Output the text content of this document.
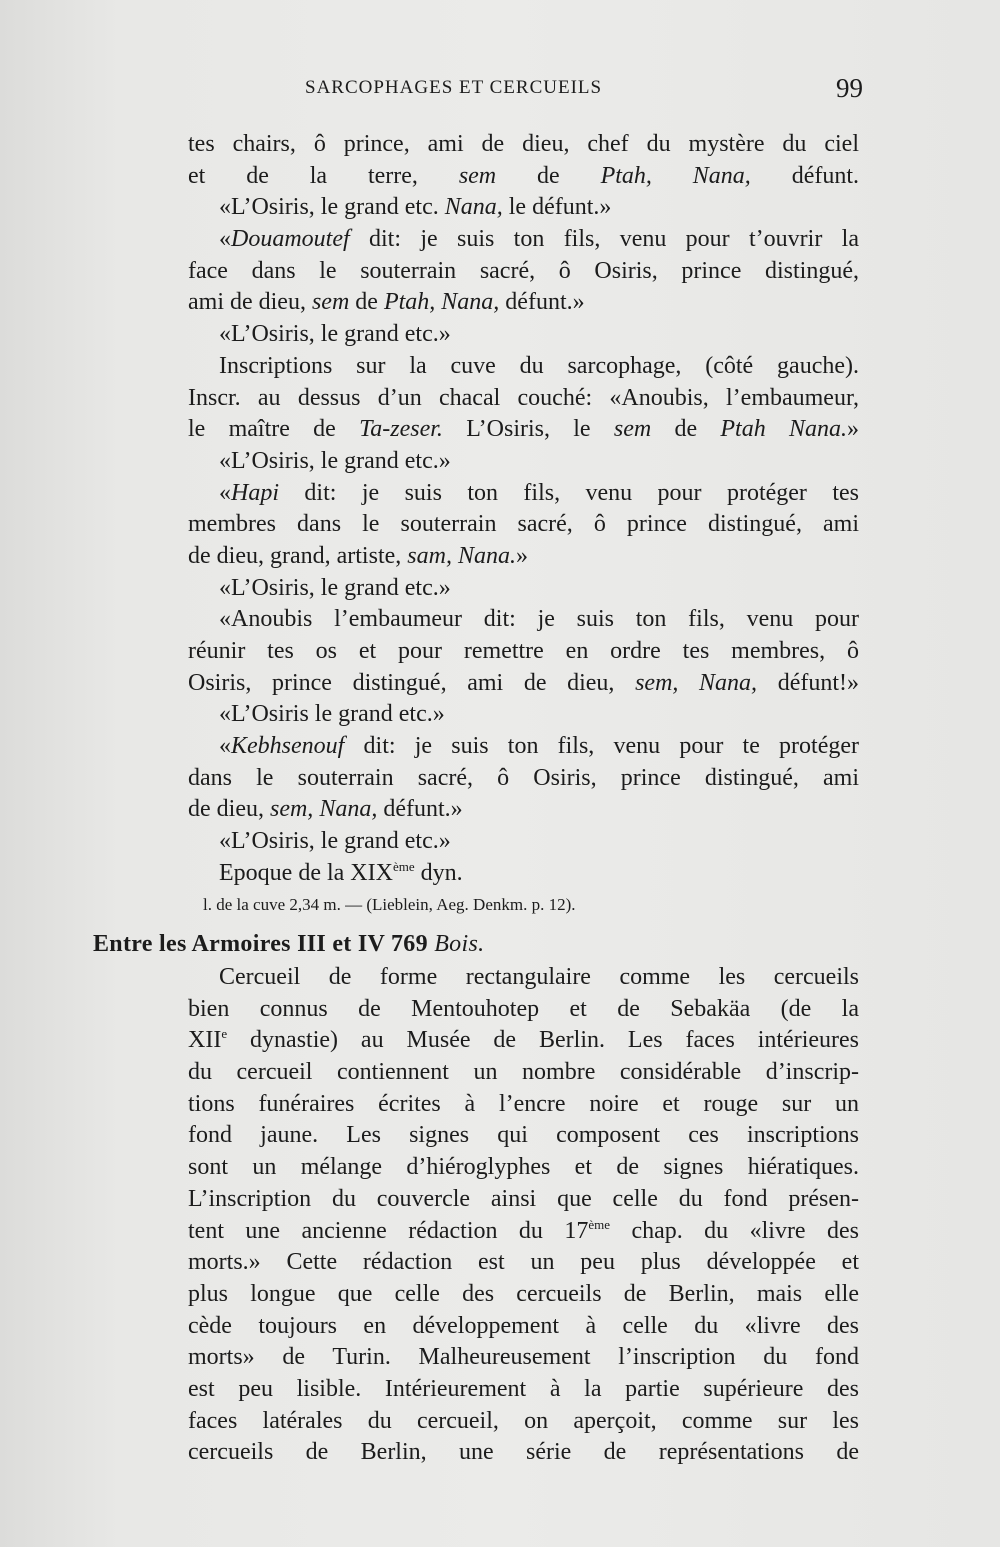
SARCOPHAGES ET CERCUEILS	99
tes chairs, ô prince, ami de dieu, chef du mystère du ciel
et de la terre, sem de Ptah, Nana, défunt.
«L’Osiris, le grand etc. Nana, le défunt.»
«Douamoutef dit: je suis ton fils, venu pour t’ouvrir la
face dans le souterrain sacré, ô Osiris, prince distingué,
ami de dieu, sem de Ptah, Nana, défunt.»
«L’Osiris, le grand etc.»
Inscriptions sur la cuve du sarcophage, (côté gauche).
Inscr. au dessus d’un chacal couché: «Anoubis, l’embaumeur,
le maître de Ta-zeser. L’Osiris, le sem de Ptah Nana.»
«L’Osiris, le grand etc.»
«Hapi dit: je suis ton fils, venu pour protéger tes
membres dans le souterrain sacré, ô prince distingué, ami
de dieu, grand, artiste, sam, Nana.»
«L’Osiris, le grand etc.»
«Anoubis l’embaumeur dit: je suis ton fils, venu pour
réunir tes os et pour remettre en ordre tes membres, ô
Osiris, prince distingué, ami de dieu, sem, Nana, défunt!»
«L’Osiris le grand etc.»
«Kebhsenouf dit: je suis ton fils, venu pour te protéger
dans le souterrain sacré, ô Osiris, prince distingué, ami
de dieu, sem, Nana, défunt.»
«L’Osiris, le grand etc.»
Epoque de la XIXème dyn.
l. de la cuve 2,34 m. — (Lieblein, Aeg. Denkm. p. 12).
Entre les Armoires III et IV 769 Bois.
Cercueil de forme rectangulaire comme les cercueils
bien connus de Mentouhotep et de Sebakäa (de la
XIIe dynastie) au Musée de Berlin. Les faces intérieures
du cercueil contiennent un nombre considérable d’inscrip-
tions funéraires écrites à l’encre noire et rouge sur un
fond jaune. Les signes qui composent ces inscriptions
sont un mélange d’hiéroglyphes et de signes hiératiques.
L’inscription du couvercle ainsi que celle du fond présen-
tent une ancienne rédaction du 17ème chap. du «livre des
morts.» Cette rédaction est un peu plus développée et
plus longue que celle des cercueils de Berlin, mais elle
cède toujours en développement à celle du «livre des
morts» de Turin. Malheureusement l’inscription du fond
est peu lisible. Intérieurement à la partie supérieure des
faces latérales du cercueil, on aperçoit, comme sur les
cercueils de Berlin, une série de représentations de
